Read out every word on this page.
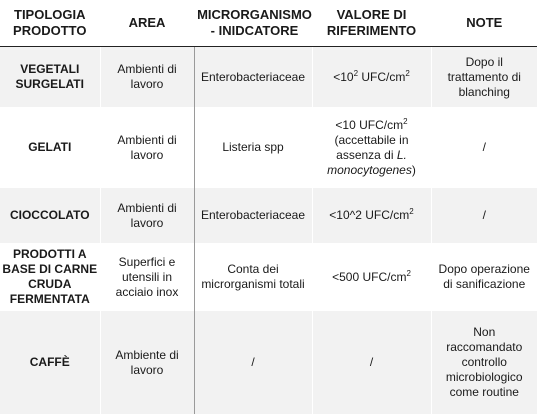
TIPOLOGIA PRODOTTO	AREA	MICRORGANISMO - INIDCATORE	VALORE DI RIFERIMENTO	NOTE
VEGETALI SURGELATI	Ambienti di lavoro	Enterobacteriaceae	$<10^2$ UFC/$cm^2$	Dopo il trattamento di blanching
GELATI	Ambienti di lavoro	Listeria spp	<10 UFC/$cm^2$ (accettabile in assenza di L. monocytogenes)	/
CIOCCOLATO	Ambienti di lavoro	Enterobacteriaceae	<10^2 UFC/$cm^2$	/
PRODOTTI A BASE DI CARNE CRUDA FERMENTATA	Superfici e utensili in acciaio inox	Conta dei microrganismi totali	<500 UFC/$cm^2$	Dopo operazione di sanificazione
CAFFÈ	Ambiente di lavoro	/	/	Non raccomandato controllo microbiologico come routine
